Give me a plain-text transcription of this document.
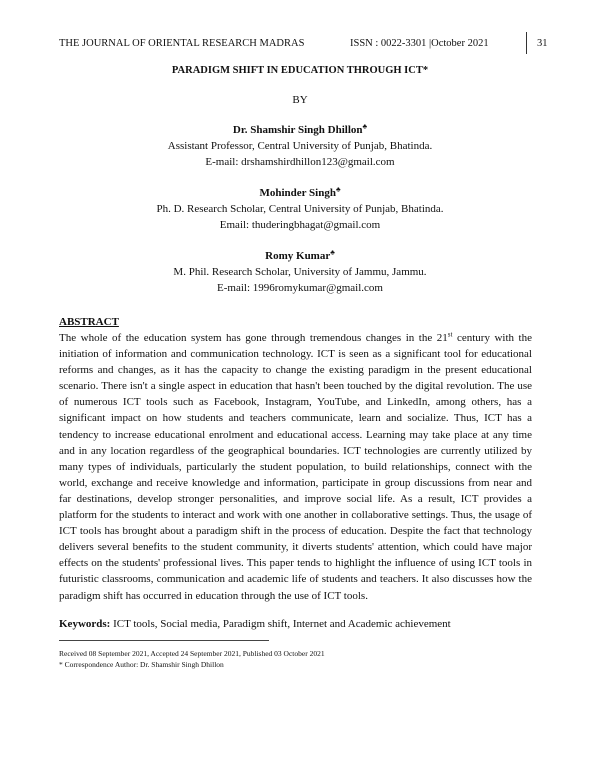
THE JOURNAL OF ORIENTAL RESEARCH MADRAS	ISSN : 0022-3301 |October 2021	31
PARADIGM SHIFT IN EDUCATION THROUGH ICT*
BY
Dr. Shamshir Singh Dhillon♣
Assistant Professor, Central University of Punjab, Bhatinda.
E-mail: drshamshirdhillon123@gmail.com
Mohinder Singh♣
Ph. D. Research Scholar, Central University of Punjab, Bhatinda.
Email: thuderingbhagat@gmail.com
Romy Kumar♣
M. Phil. Research Scholar, University of Jammu, Jammu.
E-mail: 1996romykumar@gmail.com
ABSTRACT
The whole of the education system has gone through tremendous changes in the 21st century with the initiation of information and communication technology. ICT is seen as a significant tool for educational reforms and changes, as it has the capacity to change the existing paradigm in the present educational scenario. There isn't a single aspect in education that hasn't been touched by the digital revolution. The use of numerous ICT tools such as Facebook, Instagram, YouTube, and LinkedIn, among others, has a significant impact on how students and teachers communicate, learn and socialize. Thus, ICT has a tendency to increase educational enrolment and educational access. Learning may take place at any time and in any location regardless of the geographical boundaries. ICT technologies are currently utilized by many types of individuals, particularly the student population, to build relationships, connect with the world, exchange and receive knowledge and information, participate in group discussions from near and far destinations, develop stronger personalities, and improve social life. As a result, ICT provides a platform for the students to interact and work with one another in collaborative settings. Thus, the usage of ICT tools has brought about a paradigm shift in the process of education. Despite the fact that technology delivers several benefits to the student community, it diverts students' attention, which could have major effects on the students' professional lives. This paper tends to highlight the influence of using ICT tools in futuristic classrooms, communication and academic life of students and teachers. It also discusses how the paradigm shift has occurred in education through the use of ICT tools.
Keywords: ICT tools, Social media, Paradigm shift, Internet and Academic achievement
Received 08 September 2021, Accepted 24 September 2021, Published 03 October 2021
* Correspondence Author: Dr. Shamshir Singh Dhillon
